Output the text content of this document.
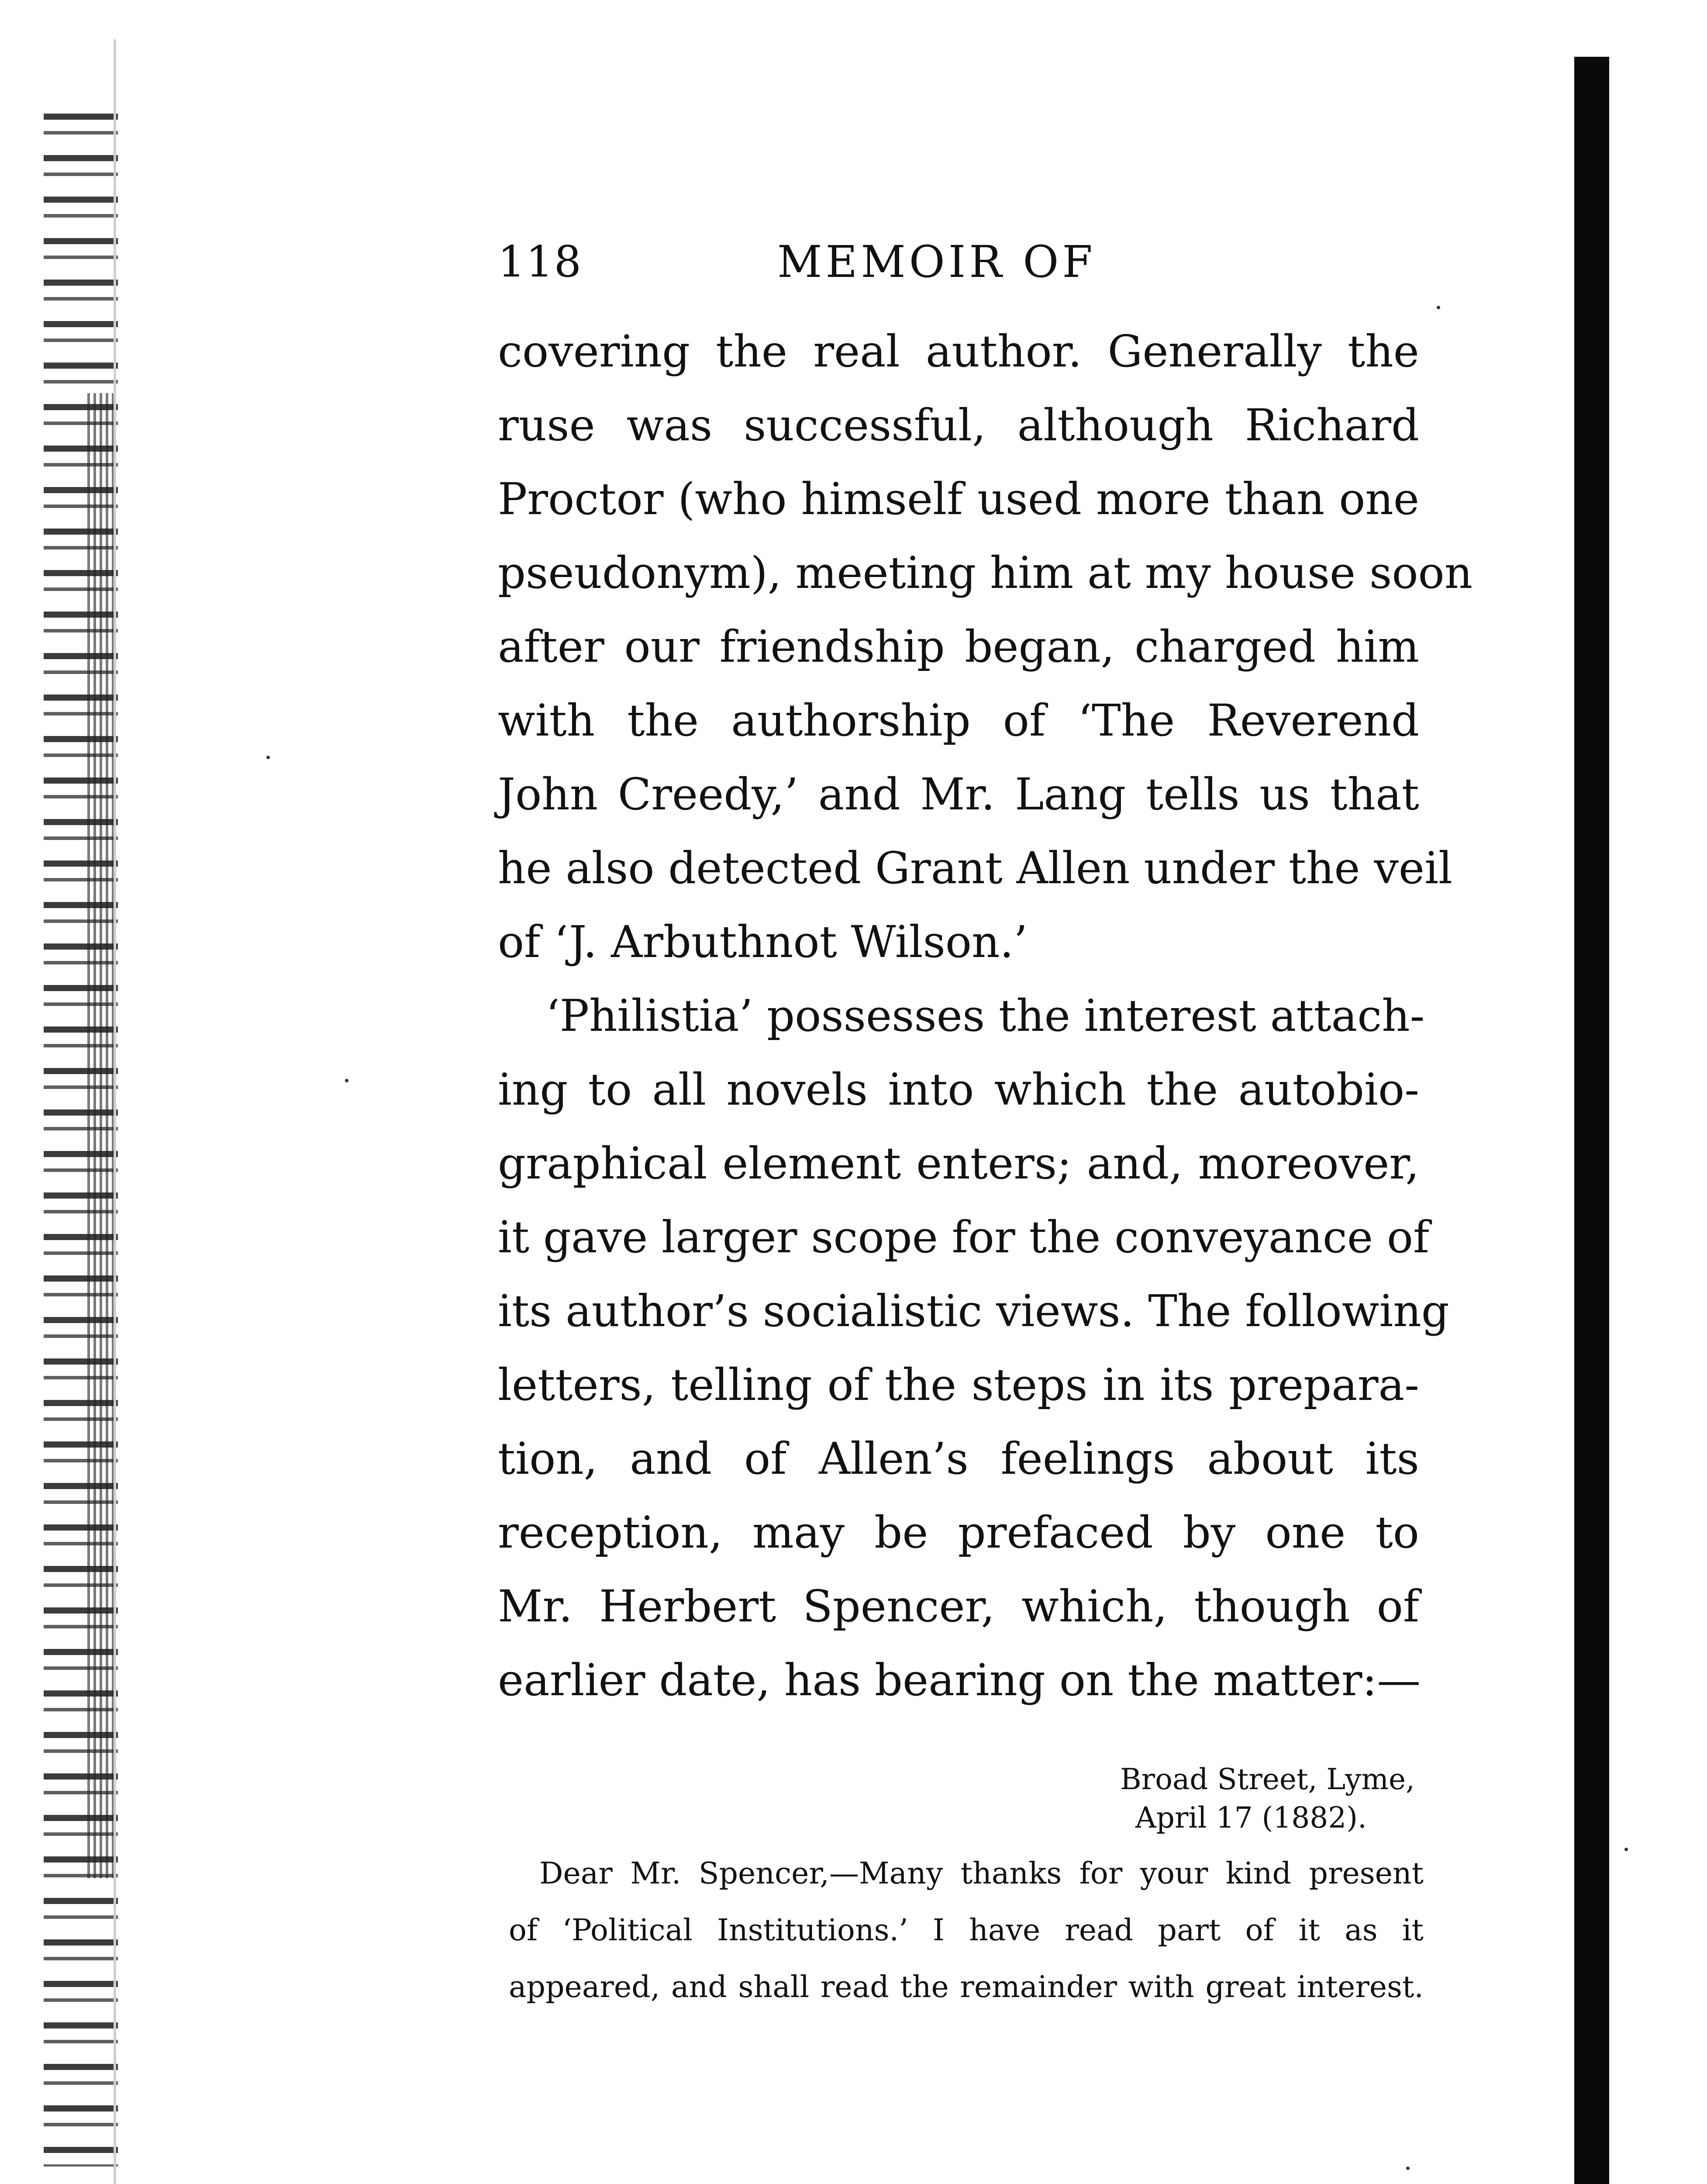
118	MEMOIR OF
covering the real author. Generally the
ruse was successful, although Richard
Proctor (who himself used more than one
pseudonym), meeting him at my house soon
after our friendship began, charged him
with the authorship of ‘The Reverend
John Creedy,’ and Mr. Lang tells us that
he also detected Grant Allen under the veil
of ‘J. Arbuthnot Wilson.’
‘Philistia’ possesses the interest attach-
ing to all novels into which the autobio-
graphical element enters; and, moreover,
it gave larger scope for the conveyance of
its author’s socialistic views. The following
letters, telling of the steps in its prepara-
tion, and of Allen’s feelings about its
reception, may be prefaced by one to
Mr. Herbert Spencer, which, though of
earlier date, has bearing on the matter:—
Broad Street, Lyme,
April 17 (1882).
Dear Mr. Spencer,—Many thanks for your kind present
of ‘Political Institutions.’ I have read part of it as it
appeared, and shall read the remainder with great interest.
